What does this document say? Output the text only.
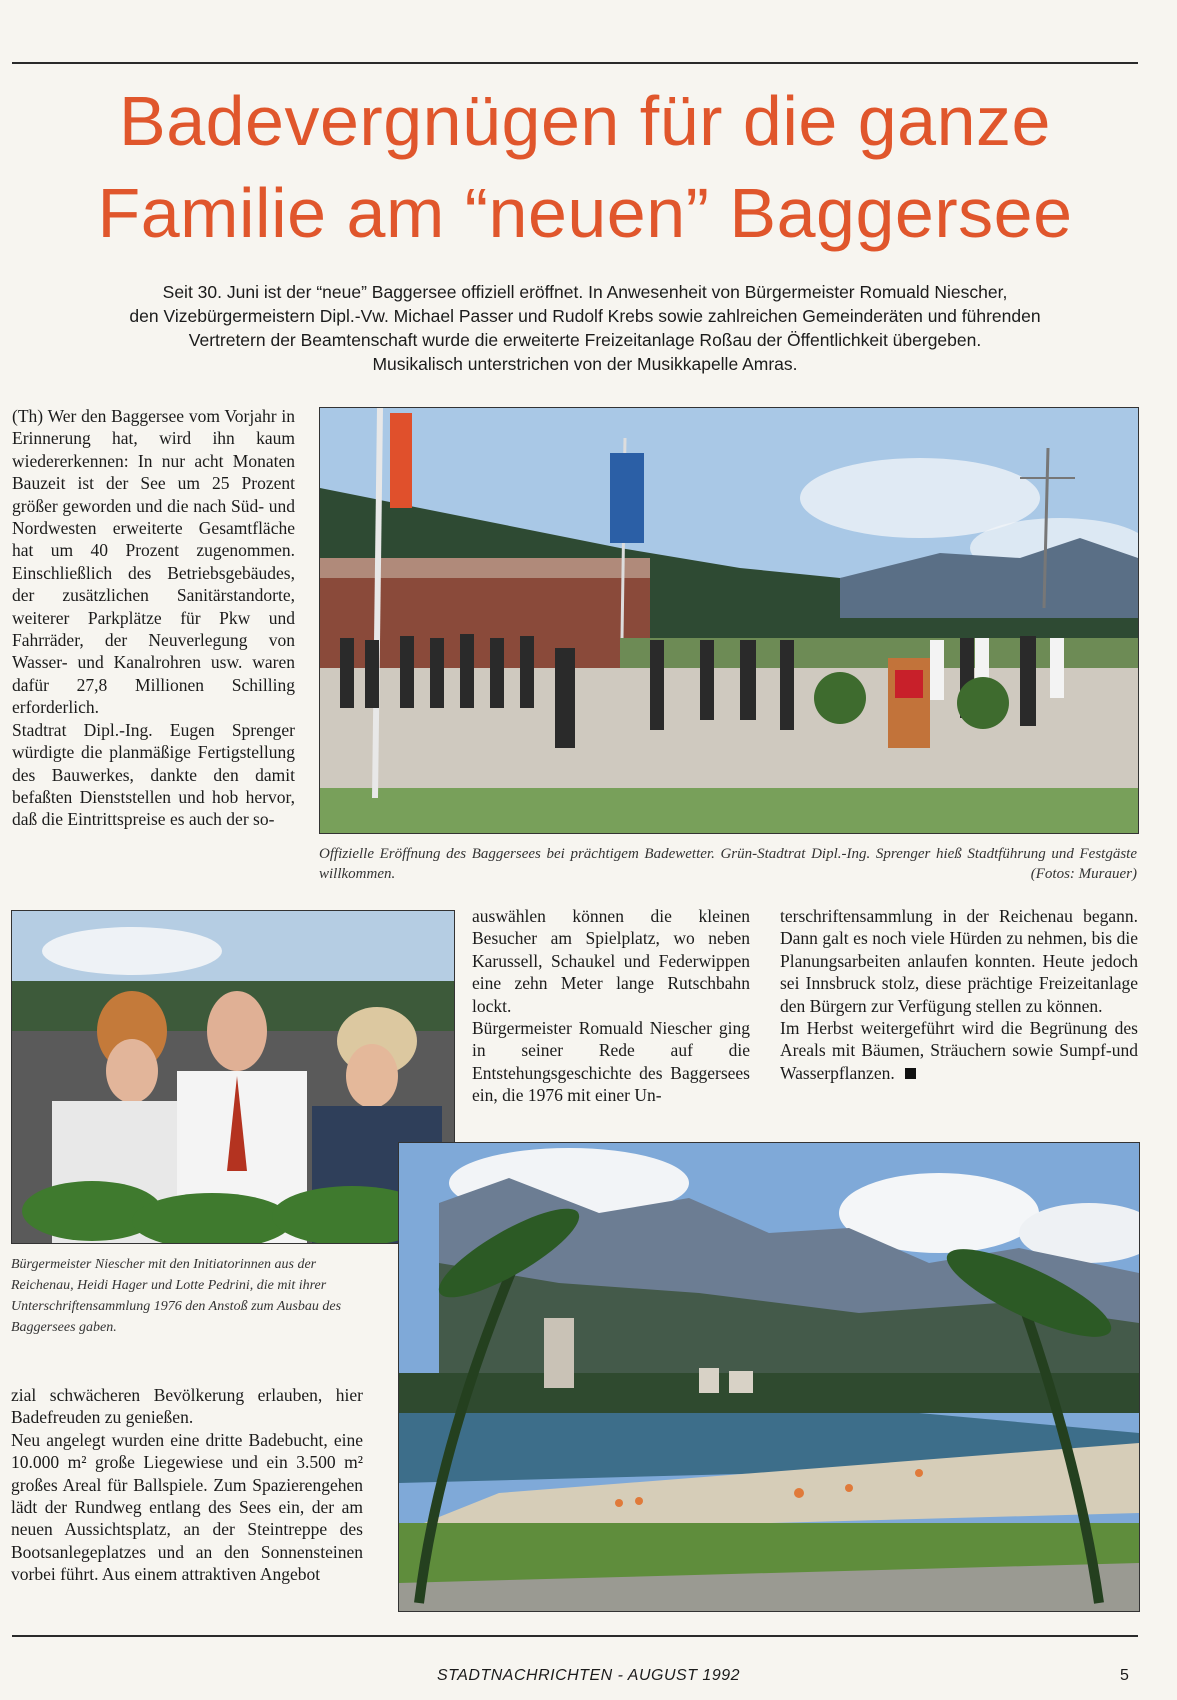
Badevergnügen für die ganze
Familie am “neuen” Baggersee
Seit 30. Juni ist der “neue” Baggersee offiziell eröffnet. In Anwesenheit von Bürgermeister Romuald Niescher,
den Vizebürgermeistern Dipl.-Vw. Michael Passer und Rudolf Krebs sowie zahlreichen Gemeinderäten und führenden
Vertretern der Beamtenschaft wurde die erweiterte Freizeitanlage Roßau der Öffentlichkeit übergeben.
Musikalisch unterstrichen von der Musikkapelle Amras.

(Th) Wer den Baggersee vom Vorjahr in Erinnerung hat, wird ihn kaum wiedererkennen: In nur acht Monaten Bauzeit ist der See um 25 Prozent größer geworden und die nach Süd- und Nordwesten erweiterte Gesamtfläche hat um 40 Prozent zugenommen. Einschließlich des Betriebsgebäudes, der zusätzlichen Sanitärstandorte, weiterer Parkplätze für Pkw und Fahrräder, der Neuverlegung von Wasser- und Kanalrohren usw. waren dafür 27,8 Millionen Schilling erforderlich.

Stadtrat Dipl.-Ing. Eugen Sprenger würdigte die planmäßige Fertigstellung des Bauwerkes, dankte den damit befaßten Dienststellen und hob hervor, daß die Eintrittspreise es auch der so-

Offizielle Eröffnung des Baggersees bei prächtigem Badewetter. Grün-Stadtrat Dipl.-Ing. Sprenger hieß Stadtführung und Festgäste willkommen.	(Fotos: Murauer)

Bürgermeister Niescher mit den Initiatorinnen aus der Reichenau, Heidi Hager und Lotte Pedrini, die mit ihrer Unterschriftensammlung 1976 den Anstoß zum Ausbau des Baggersees gaben.

zial schwächeren Bevölkerung erlauben, hier Badefreuden zu genießen.

Neu angelegt wurden eine dritte Badebucht, eine 10.000 m² große Liegewiese und ein 3.500 m² großes Areal für Ballspiele. Zum Spazierengehen lädt der Rundweg entlang des Sees ein, der am neuen Aussichtsplatz, an der Steintreppe des Bootsanlegeplatzes und an den Sonnensteinen vorbei führt. Aus einem attraktiven Angebot

auswählen können die kleinen Besucher am Spielplatz, wo neben Karussell, Schaukel und Federwippen eine zehn Meter lange Rutschbahn lockt.

Bürgermeister Romuald Niescher ging in seiner Rede auf die Entstehungsgeschichte des Baggersees ein, die 1976 mit einer Un-

terschriftensammlung in der Reichenau begann. Dann galt es noch viele Hürden zu nehmen, bis die Planungsarbeiten anlaufen konnten. Heute jedoch sei Innsbruck stolz, diese prächtige Freizeitanlage den Bürgern zur Verfügung stellen zu können.

Im Herbst weitergeführt wird die Begrünung des Areals mit Bäumen, Sträuchern sowie Sumpf-und Wasserpflanzen.

STADTNACHRICHTEN - AUGUST 1992	5
